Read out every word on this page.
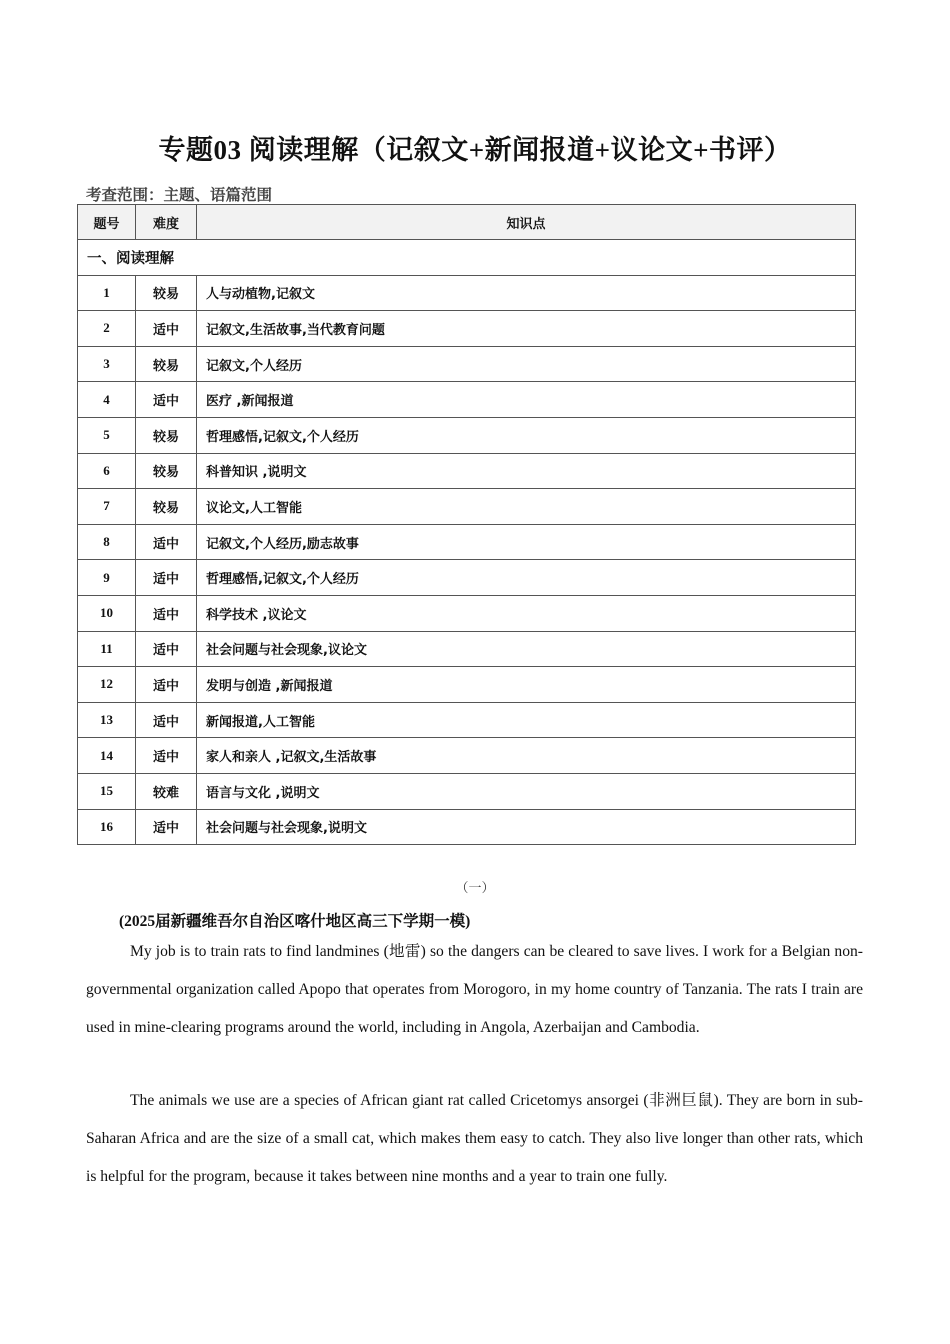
专题03 阅读理解（记叙文+新闻报道+议论文+书评）
考查范围：主题、语篇范围
题号	难度	知识点
一、阅读理解		
1	较易	人与动植物,记叙文
2	适中	记叙文,生活故事,当代教育问题
3	较易	记叙文,个人经历
4	适中	医疗 ,新闻报道
5	较易	哲理感悟,记叙文,个人经历
6	较易	科普知识 ,说明文
7	较易	议论文,人工智能
8	适中	记叙文,个人经历,励志故事
9	适中	哲理感悟,记叙文,个人经历
10	适中	科学技术 ,议论文
11	适中	社会问题与社会现象,议论文
12	适中	发明与创造 ,新闻报道
13	适中	新闻报道,人工智能
14	适中	家人和亲人 ,记叙文,生活故事
15	较难	语言与文化 ,说明文
16	适中	社会问题与社会现象,说明文
（一）
(2025届新疆维吾尔自治区喀什地区高三下学期一模)

My job is to train rats to find landmines (地雷) so the dangers can be cleared to save lives. I work for a Belgian non-governmental organization called Apopo that operates from Morogoro, in my home country of Tanzania. The rats I train are used in mine-clearing programs around the world, including in Angola, Azerbaijan and Cambodia.

The animals we use are a species of African giant rat called Cricetomys ansorgei (非洲巨鼠). They are born in sub-Saharan Africa and are the size of a small cat, which makes them easy to catch. They also live longer than other rats, which is helpful for the program, because it takes between nine months and a year to train one fully.
